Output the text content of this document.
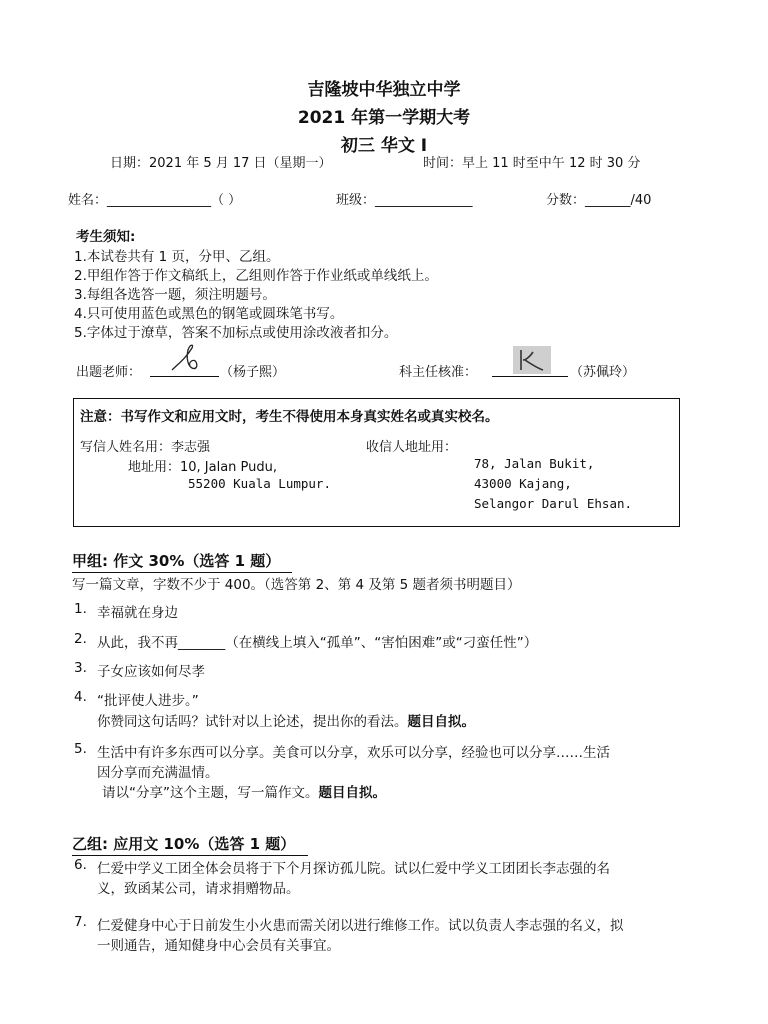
吉隆坡中华独立中学
2021 年第一学期大考
初三 华文 I
日期：2021 年 5 月 17 日（星期一）	时间：早上 11 时至中午 12 时 30 分
姓名：________________（ ）	班级：_______________	分数：_______/40
考生须知:
1.本试卷共有 1 页，分甲、乙组。
2.甲组作答于作文稿纸上，乙组则作答于作业纸或单线纸上。
3.每组各选答一题，须注明题号。
4.只可使用蓝色或黑色的钢笔或圆珠笔书写。
5.字体过于潦草，答案不加标点或使用涂改液者扣分。
出题老师：	（杨子熙）	科主任核准：	（苏佩玲）
注意：书写作文和应用文时，考生不得使用本身真实姓名或真实校名。
写信人姓名用：李志强	收信人地址用：
地址用：10, Jalan Pudu,
55200 Kuala Lumpur.
78, Jalan Bukit,
43000 Kajang,
Selangor Darul Ehsan.
甲组: 作文 30%（选答 1 题）
写一篇文章，字数不少于 400。（选答第 2、第 4 及第 5 题者须书明题目）
1. 幸福就在身边
2. 从此，我不再_______（在横线上填入“孤单”、“害怕困难”或“刁蛮任性”）
3. 子女应该如何尽孝
4. “批评使人进步。”
你赞同这句话吗？试针对以上论述，提出你的看法。题目自拟。
5. 生活中有许多东西可以分享。美食可以分享，欢乐可以分享，经验也可以分享……生活
因分享而充满温情。
请以“分享”这个主题，写一篇作文。题目自拟。
乙组: 应用文 10%（选答 1 题）
6. 仁爱中学义工团全体会员将于下个月探访孤儿院。试以仁爱中学义工团团长李志强的名
义，致函某公司，请求捐赠物品。
7. 仁爱健身中心于日前发生小火患而需关闭以进行维修工作。试以负责人李志强的名义，拟
一则通告，通知健身中心会员有关事宜。
